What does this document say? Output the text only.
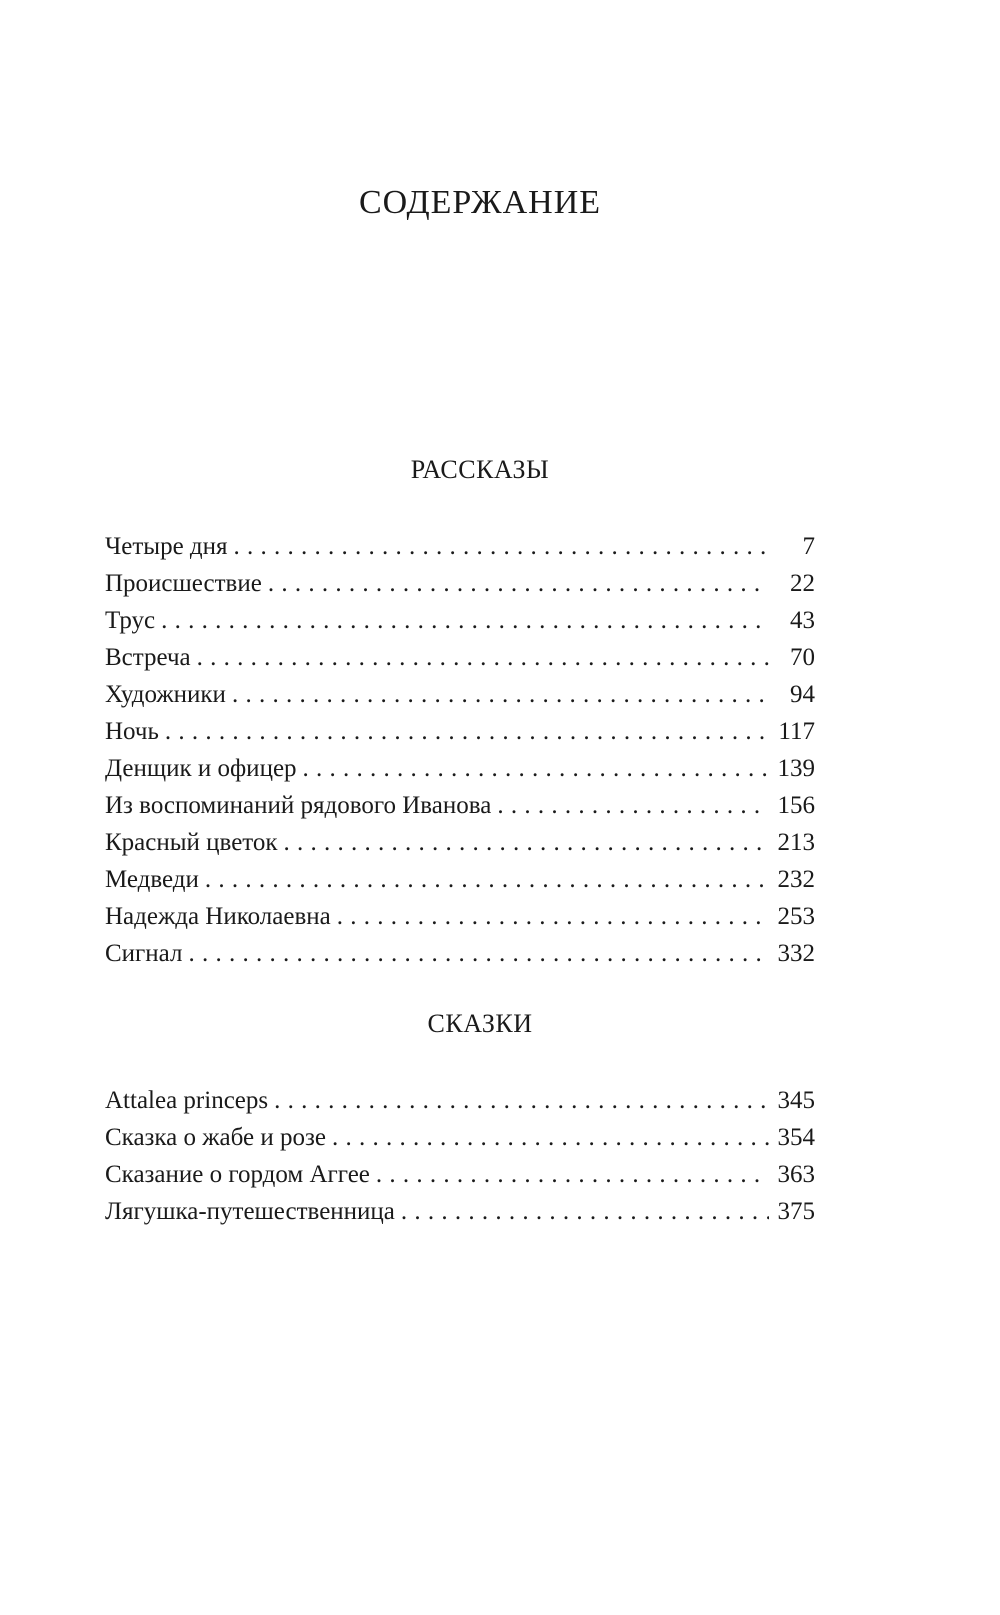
СОДЕРЖАНИЕ
РАССКАЗЫ
Четыре дня . . .	7
Происшествие . . .	22
Трус . . .	43
Встреча . . .	70
Художники . . .	94
Ночь . . .	117
Денщик и офицер . . .	139
Из воспоминаний рядового Иванова . . .	156
Красный цветок . . .	213
Медведи . . .	232
Надежда Николаевна . . .	253
Сигнал . . .	332
СКАЗКИ
Attalea princeps . . .	345
Сказка о жабе и розе . . .	354
Сказание о гордом Аггее . . .	363
Лягушка-путешественница . . .	375
